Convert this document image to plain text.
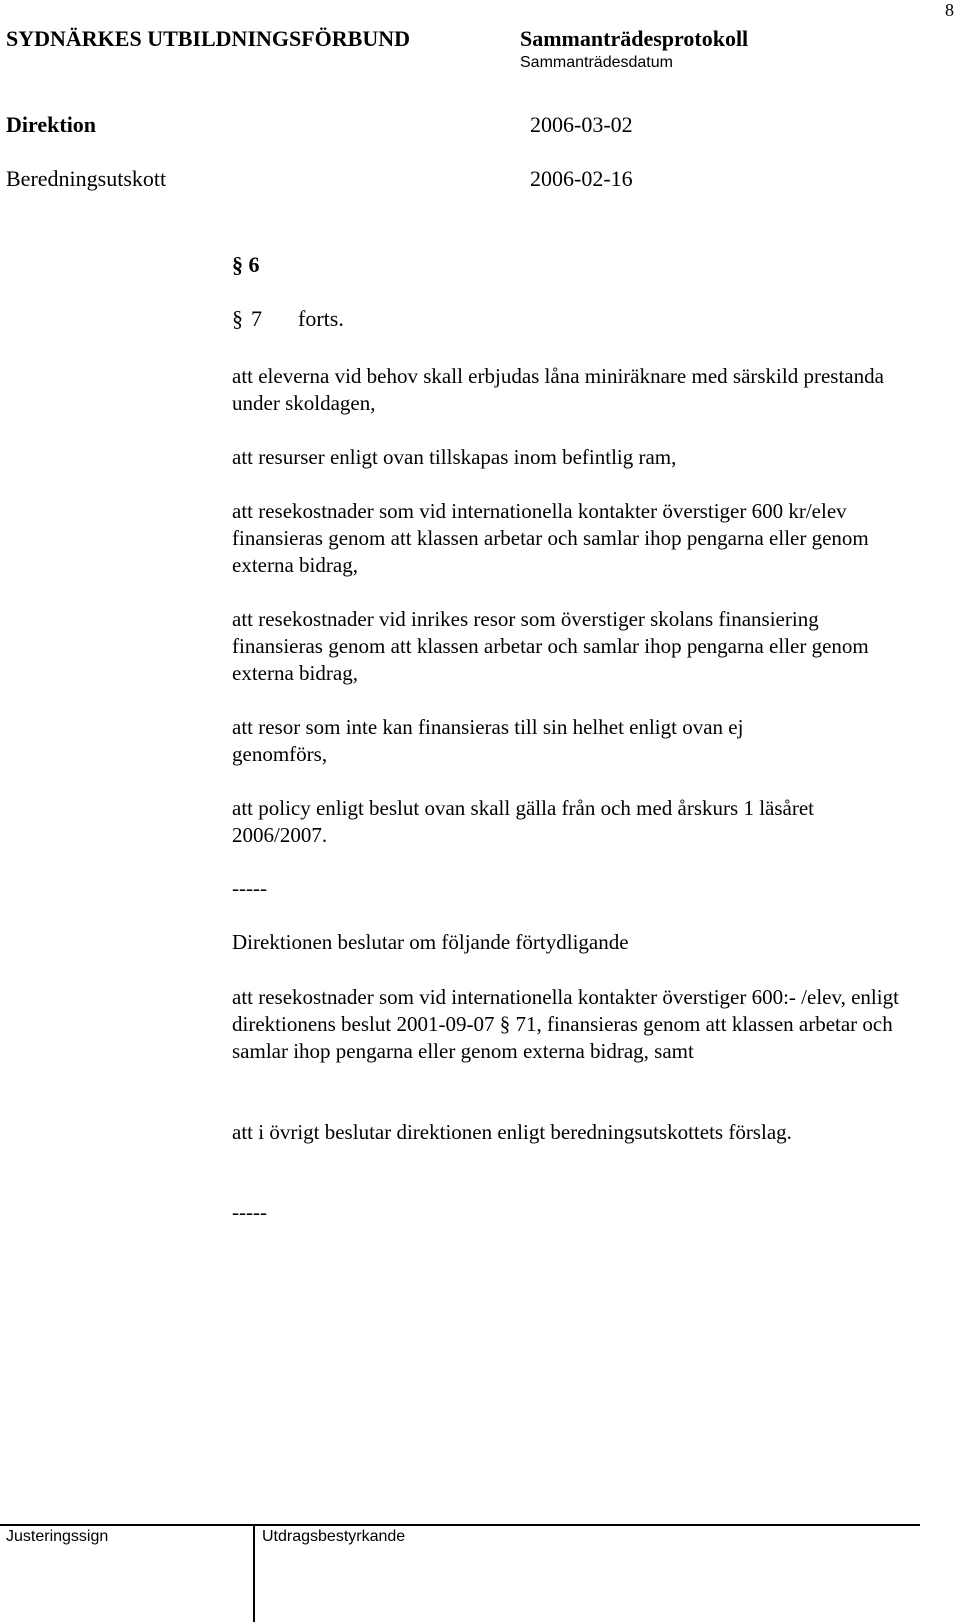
8
SYDNÄRKES UTBILDNINGSFÖRBUND	Sammanträdesprotokoll
Sammanträdesdatum
Direktion	2006-03-02
Beredningsutskott	2006-02-16
§ 6
§ 7 forts.
att eleverna vid behov skall erbjudas låna miniräknare med särskild prestanda under skoldagen,
att resurser enligt ovan tillskapas inom befintlig ram,
att resekostnader som vid internationella kontakter överstiger 600 kr/elev finansieras genom att klassen arbetar och samlar ihop pengarna eller genom externa bidrag,
att resekostnader vid inrikes resor som överstiger skolans finansiering finansieras genom att klassen arbetar och samlar ihop pengarna eller genom externa bidrag,
att resor som inte kan finansieras till sin helhet enligt ovan ej genomförs,
att policy enligt beslut ovan skall gälla från och med årskurs 1 läsåret 2006/2007.
-----
Direktionen beslutar om följande förtydligande
att resekostnader som vid internationella kontakter överstiger 600:- /elev, enligt direktionens beslut 2001-09-07 § 71, finansieras genom att klassen arbetar och samlar ihop pengarna eller genom externa bidrag, samt
att i övrigt beslutar direktionen enligt beredningsutskottets förslag.
-----
Justeringssign	Utdragsbestyrkande
